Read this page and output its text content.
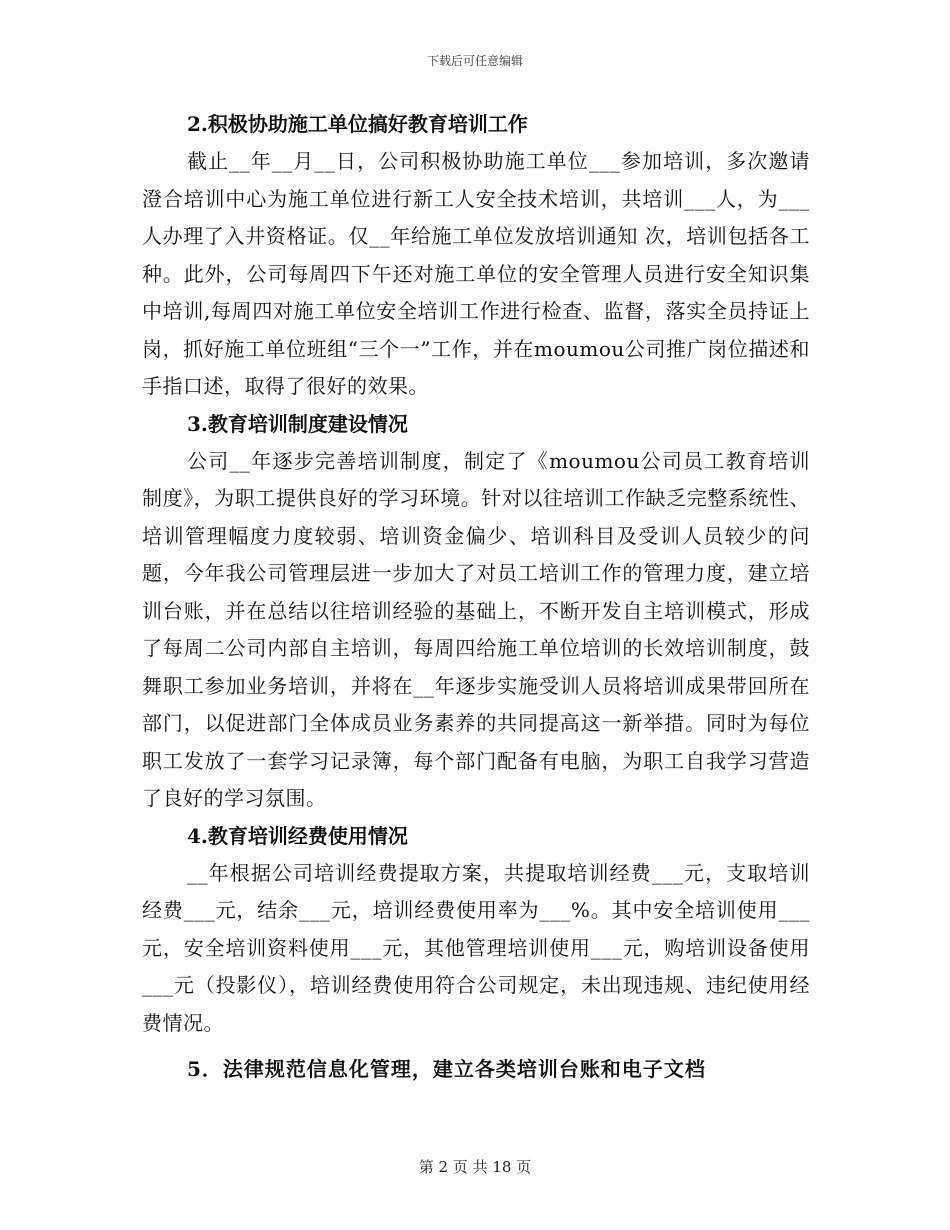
下载后可任意编辑
2.积极协助施工单位搞好教育培训工作

截止__年__月__日，公司积极协助施工单位___参加培训，多次邀请澄合培训中心为施工单位进行新工人安全技术培训，共培训___人，为___人办理了入井资格证。仅__年给施工单位发放培训通知 次，培训包括各工种。此外，公司每周四下午还对施工单位的安全管理人员进行安全知识集中培训,每周四对施工单位安全培训工作进行检查、监督，落实全员持证上岗，抓好施工单位班组“三个一”工作，并在moumou公司推广岗位描述和手指口述，取得了很好的效果。

3.教育培训制度建设情况

公司__年逐步完善培训制度，制定了《moumou公司员工教育培训制度》，为职工提供良好的学习环境。针对以往培训工作缺乏完整系统性、培训管理幅度力度较弱、培训资金偏少、培训科目及受训人员较少的问题，今年我公司管理层进一步加大了对员工培训工作的管理力度，建立培训台账，并在总结以往培训经验的基础上，不断开发自主培训模式，形成了每周二公司内部自主培训，每周四给施工单位培训的长效培训制度，鼓舞职工参加业务培训，并将在__年逐步实施受训人员将培训成果带回所在部门，以促进部门全体成员业务素养的共同提高这一新举措。同时为每位职工发放了一套学习记录簿，每个部门配备有电脑，为职工自我学习营造了良好的学习氛围。

4.教育培训经费使用情况

__年根据公司培训经费提取方案，共提取培训经费___元，支取培训经费___元，结余___元，培训经费使用率为___%。其中安全培训使用___元，安全培训资料使用___元，其他管理培训使用___元，购培训设备使用___元（投影仪），培训经费使用符合公司规定，未出现违规、违纪使用经费情况。

5．法律规范信息化管理，建立各类培训台账和电子文档
第 2 页 共 18 页
